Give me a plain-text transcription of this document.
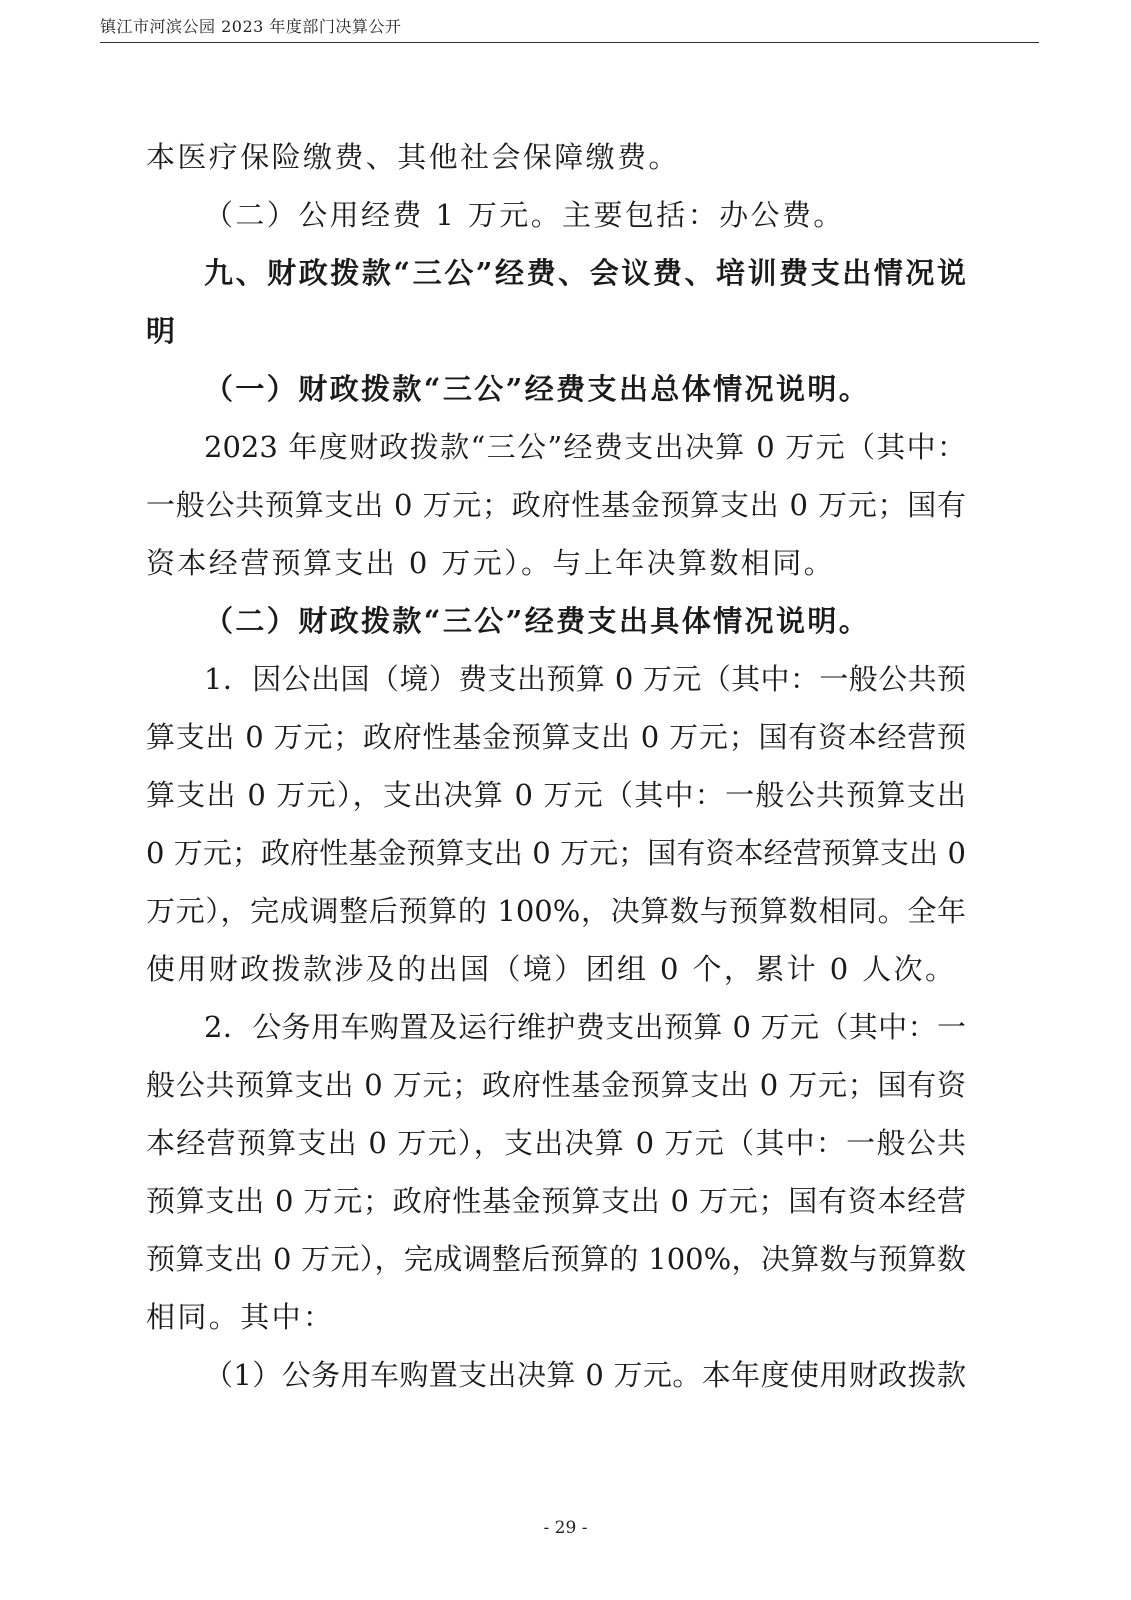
镇江市河滨公园 2023 年度部门决算公开
本医疗保险缴费、其他社会保障缴费。
（二）公用经费 1 万元。主要包括：办公费。
九、财政拨款“三公”经费、会议费、培训费支出情况说
明
（一）财政拨款“三公”经费支出总体情况说明。
2023 年度财政拨款“三公”经费支出决算 0 万元（其中：
一般公共预算支出 0 万元；政府性基金预算支出 0 万元；国有
资本经营预算支出 0 万元）。与上年决算数相同。
（二）财政拨款“三公”经费支出具体情况说明。
1．因公出国（境）费支出预算 0 万元（其中：一般公共预
算支出 0 万元；政府性基金预算支出 0 万元；国有资本经营预
算支出 0 万元），支出决算 0 万元（其中：一般公共预算支出
0 万元；政府性基金预算支出 0 万元；国有资本经营预算支出 0
万元），完成调整后预算的 100%，决算数与预算数相同。全年
使用财政拨款涉及的出国（境）团组 0 个，累计 0 人次。
2．公务用车购置及运行维护费支出预算 0 万元（其中：一
般公共预算支出 0 万元；政府性基金预算支出 0 万元；国有资
本经营预算支出 0 万元），支出决算 0 万元（其中：一般公共
预算支出 0 万元；政府性基金预算支出 0 万元；国有资本经营
预算支出 0 万元），完成调整后预算的 100%，决算数与预算数
相同。其中：
（1）公务用车购置支出决算 0 万元。本年度使用财政拨款
- 29 -
